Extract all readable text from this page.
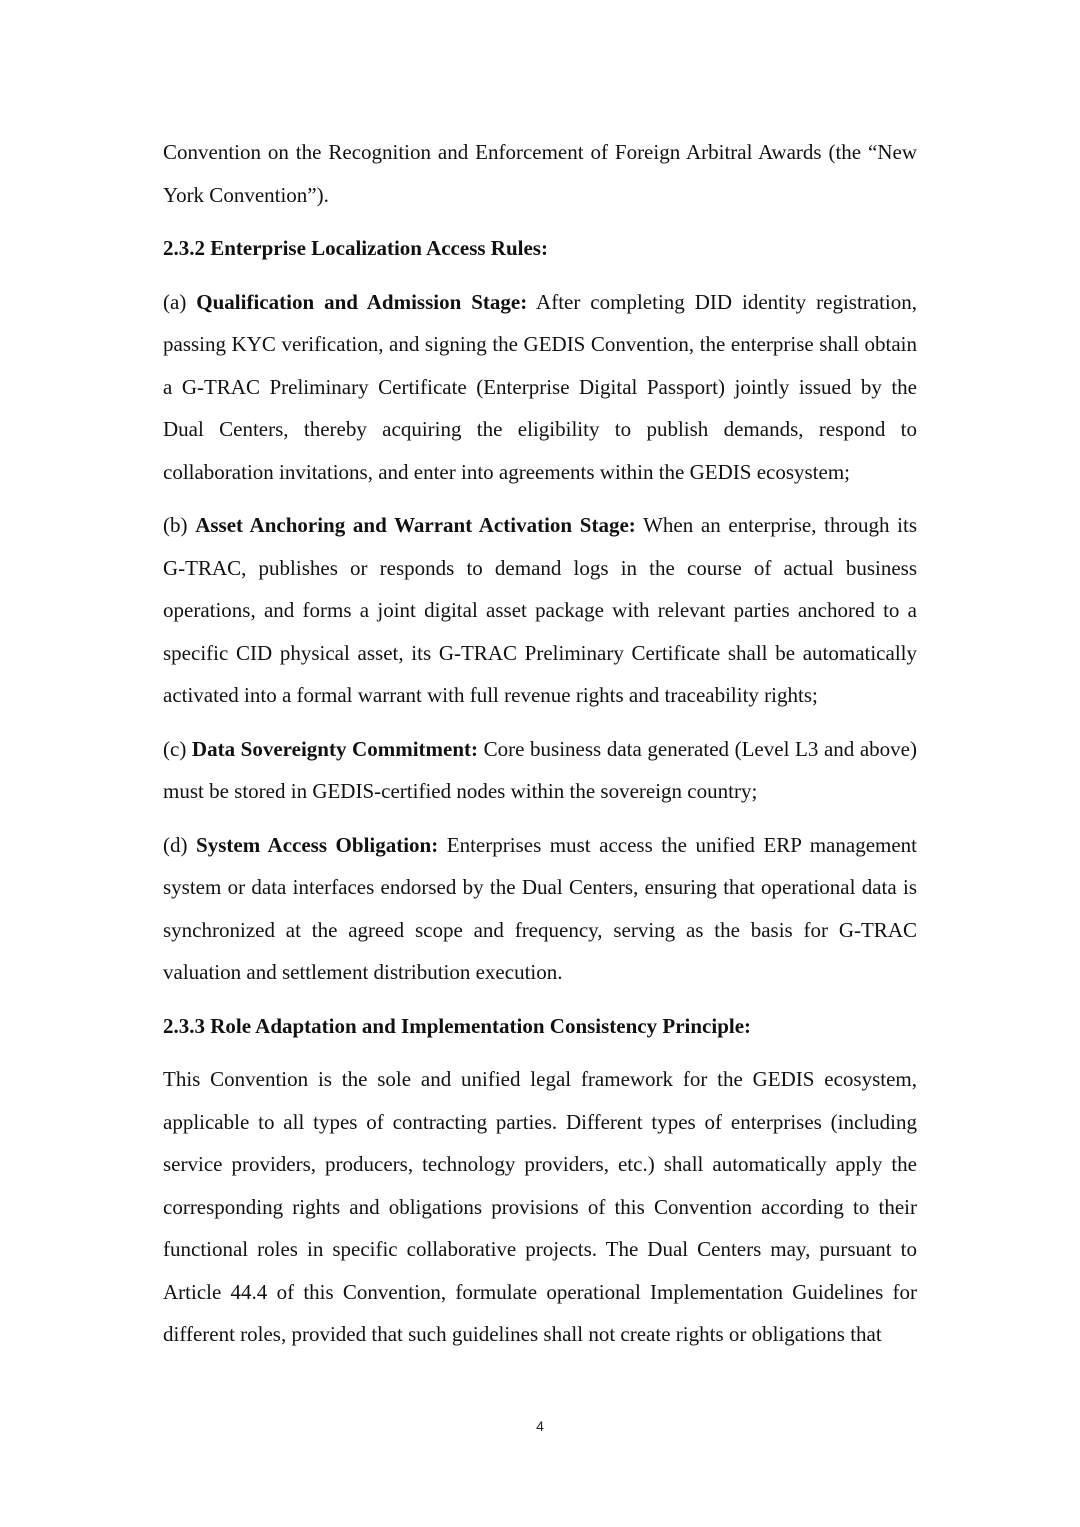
Convention on the Recognition and Enforcement of Foreign Arbitral Awards (the “New York Convention”).

2.3.2 Enterprise Localization Access Rules:

(a) Qualification and Admission Stage: After completing DID identity registration, passing KYC verification, and signing the GEDIS Convention, the enterprise shall obtain a G-TRAC Preliminary Certificate (Enterprise Digital Passport) jointly issued by the Dual Centers, thereby acquiring the eligibility to publish demands, respond to collaboration invitations, and enter into agreements within the GEDIS ecosystem;

(b) Asset Anchoring and Warrant Activation Stage: When an enterprise, through its G-TRAC, publishes or responds to demand logs in the course of actual business operations, and forms a joint digital asset package with relevant parties anchored to a specific CID physical asset, its G-TRAC Preliminary Certificate shall be automatically activated into a formal warrant with full revenue rights and traceability rights;

(c) Data Sovereignty Commitment: Core business data generated (Level L3 and above) must be stored in GEDIS-certified nodes within the sovereign country;

(d) System Access Obligation: Enterprises must access the unified ERP management system or data interfaces endorsed by the Dual Centers, ensuring that operational data is synchronized at the agreed scope and frequency, serving as the basis for G-TRAC valuation and settlement distribution execution.

2.3.3 Role Adaptation and Implementation Consistency Principle:

This Convention is the sole and unified legal framework for the GEDIS ecosystem, applicable to all types of contracting parties. Different types of enterprises (including service providers, producers, technology providers, etc.) shall automatically apply the corresponding rights and obligations provisions of this Convention according to their functional roles in specific collaborative projects. The Dual Centers may, pursuant to Article 44.4 of this Convention, formulate operational Implementation Guidelines for different roles, provided that such guidelines shall not create rights or obligations that

4
